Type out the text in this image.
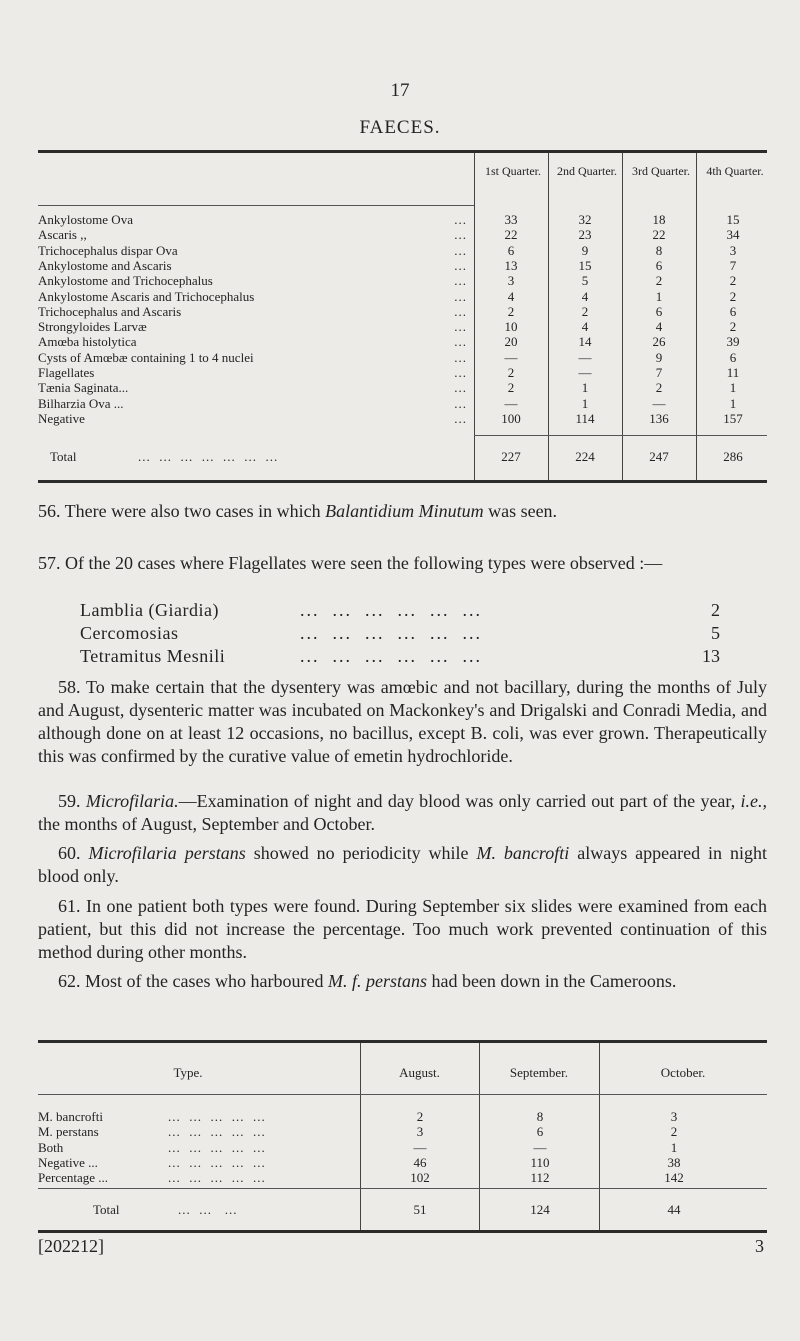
17
FAECES.
1st Quarter.	2nd Quarter.	3rd Quarter.	4th Quarter.
Ankylostome Ova	...	33	32	18	15
Ascaris ,,	...	22	23	22	34
Trichocephalus dispar Ova	...	6	9	8	3
Ankylostome and Ascaris	...	13	15	6	7
Ankylostome and Trichocephalus	...	3	5	2	2
Ankylostome Ascaris and Trichocephalus	...	4	4	1	2
Trichocephalus and Ascaris	...	2	2	6	6
Strongyloides Larvæ	...	10	4	4	2
Amœba histolytica	...	20	14	26	39
Cysts of Amœbæ containing 1 to 4 nuclei	...	—	—	9	6
Flagellates	...	2	—	7	11
Tænia Saginata...	...	2	1	2	1
Bilharzia Ova ...	...	—	1	—	1
Negative	...	100	114	136	157
Total	...  ...  ...  ...  ...  ...  ...	227	224	247	286
56. There were also two cases in which Balantidium Minutum was seen.
57. Of the 20 cases where Flagellates were seen the following types were observed :—
Lamblia (Giardia)	...  ...  ...  ...  ...  ...	2
Cercomosias	...  ...  ...  ...  ...  ...	5
Tetramitus Mesnili	...  ...  ...  ...  ...  ...	13
58. To make certain that the dysentery was amœbic and not bacillary, during the months of July and August, dysenteric matter was incubated on Mackonkey's and Drigalski and Conradi Media, and although done on at least 12 occasions, no bacillus, except B. coli, was ever grown. Therapeutically this was confirmed by the curative value of emetin hydrochloride.
59. Microfilaria.—Examination of night and day blood was only carried out part of the year, i.e., the months of August, September and October.
60. Microfilaria perstans showed no periodicity while M. bancrofti always appeared in night blood only.
61. In one patient both types were found. During September six slides were examined from each patient, but this did not increase the percentage. Too much work prevented continuation of this method during other months.
62. Most of the cases who harboured M. f. perstans had been down in the Cameroons.
Type.	August.	September.	October.
M. bancrofti	...  ...  ...  ...  ...	2	8	3
M. perstans	...  ...  ...  ...  ...	3	6	2
Both	...  ...  ...  ...  ...	—	—	1
Negative ...	...  ...  ...  ...  ...	46	110	38
Percentage ...	...  ...  ...  ...  ...	102	112	142
Total	...  ...   ...	51	124	44
[202212]	3
